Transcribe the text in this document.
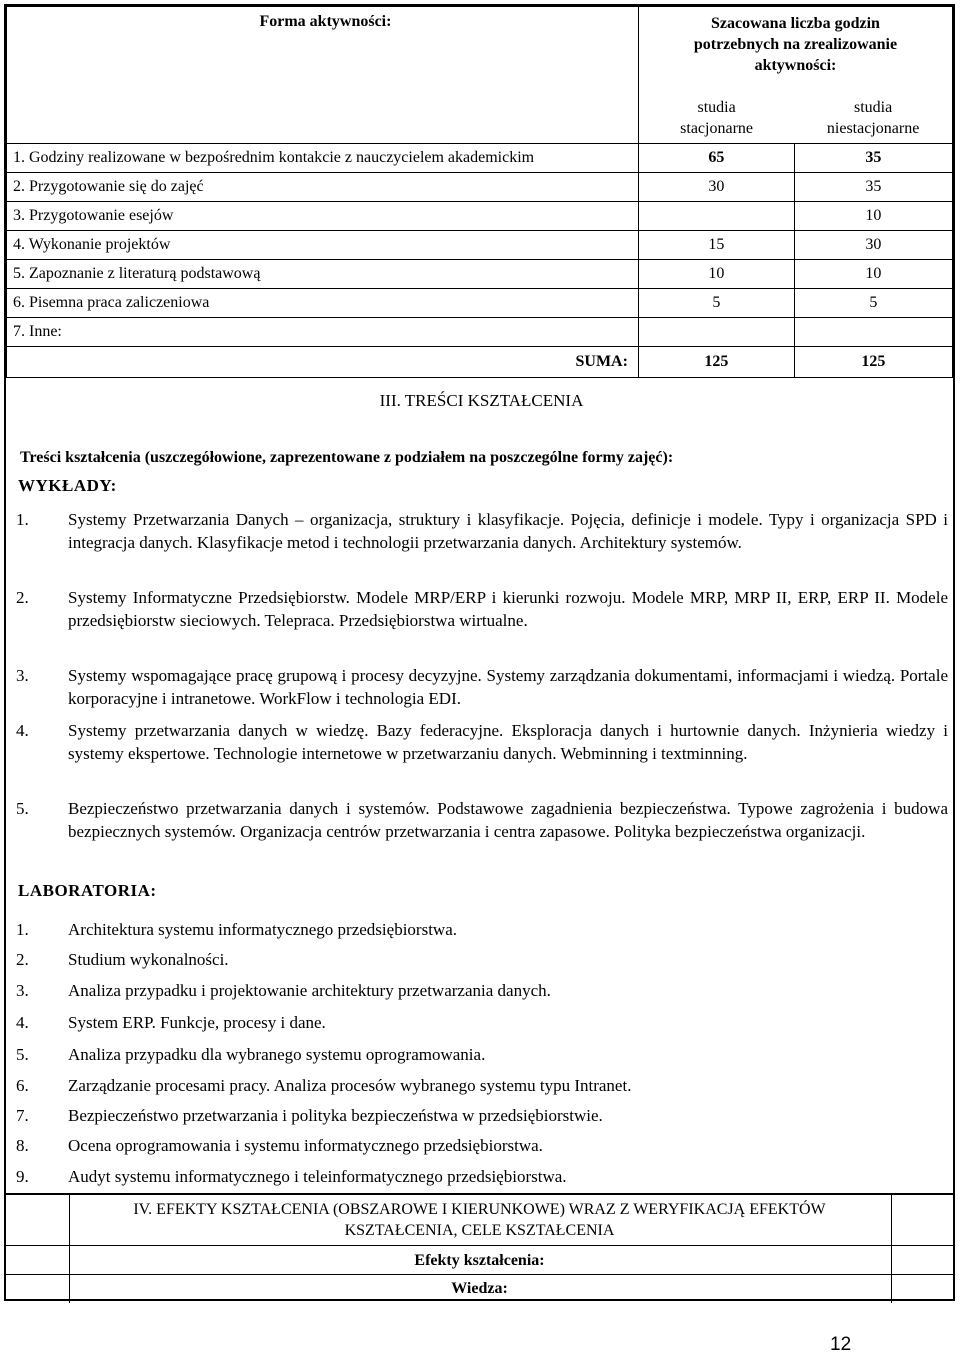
Forma aktywności:	Szacowana liczba godzin potrzebnych na zrealizowanie aktywności:	

	studia stacjonarne	studia niestacjonarne

1. Godziny realizowane w bezpośrednim kontakcie z nauczycielem akademickim	65	35
2. Przygotowanie się do zajęć	30	35
3. Przygotowanie esejów		10
4. Wykonanie projektów	15	30
5. Zapoznanie z literaturą podstawową	10	10
6. Pisemna praca zaliczeniowa	5	5
7. Inne:		
SUMA:	125	125
III. TREŚCI KSZTAŁCENIA
Treści kształcenia (uszczegółowione, zaprezentowane z podziałem na poszczególne formy zajęć):
WYKŁADY:
1. Systemy Przetwarzania Danych – organizacja, struktury i klasyfikacje. Pojęcia, definicje i modele. Typy i organizacja SPD i integracja danych. Klasyfikacje metod i technologii przetwarzania danych. Architektury systemów.
2. Systemy Informatyczne Przedsiębiorstw. Modele MRP/ERP i kierunki rozwoju. Modele MRP, MRP II, ERP, ERP II. Modele przedsiębiorstw sieciowych. Telepraca. Przedsiębiorstwa wirtualne.
3. Systemy wspomagające pracę grupową i procesy decyzyjne. Systemy zarządzania dokumentami, informacjami i wiedzą. Portale korporacyjne i intranetowe. WorkFlow i technologia EDI.
4. Systemy przetwarzania danych w wiedzę. Bazy federacyjne. Eksploracja danych i hurtownie danych. Inżynieria wiedzy i systemy ekspertowe. Technologie internetowe w przetwarzaniu danych. Webminning i textminning.
5. Bezpieczeństwo przetwarzania danych i systemów. Podstawowe zagadnienia bezpieczeństwa. Typowe zagrożenia i budowa bezpiecznych systemów. Organizacja centrów przetwarzania i centra zapasowe. Polityka bezpieczeństwa organizacji.
LABORATORIA:
1. Architektura systemu informatycznego przedsiębiorstwa.
2. Studium wykonalności.
3. Analiza przypadku i projektowanie architektury przetwarzania danych.
4. System ERP. Funkcje, procesy i dane.
5. Analiza przypadku dla wybranego systemu oprogramowania.
6. Zarządzanie procesami pracy. Analiza procesów wybranego systemu typu Intranet.
7. Bezpieczeństwo przetwarzania i polityka bezpieczeństwa w przedsiębiorstwie.
8. Ocena oprogramowania i systemu informatycznego przedsiębiorstwa.
9. Audyt systemu informatycznego i teleinformatycznego przedsiębiorstwa.
IV. EFEKTY KSZTAŁCENIA (OBSZAROWE I KIERUNKOWE) WRAZ Z WERYFIKACJĄ EFEKTÓW
KSZTAŁCENIA, CELE KSZTAŁCENIA
Efekty kształcenia:
Wiedza:
12
